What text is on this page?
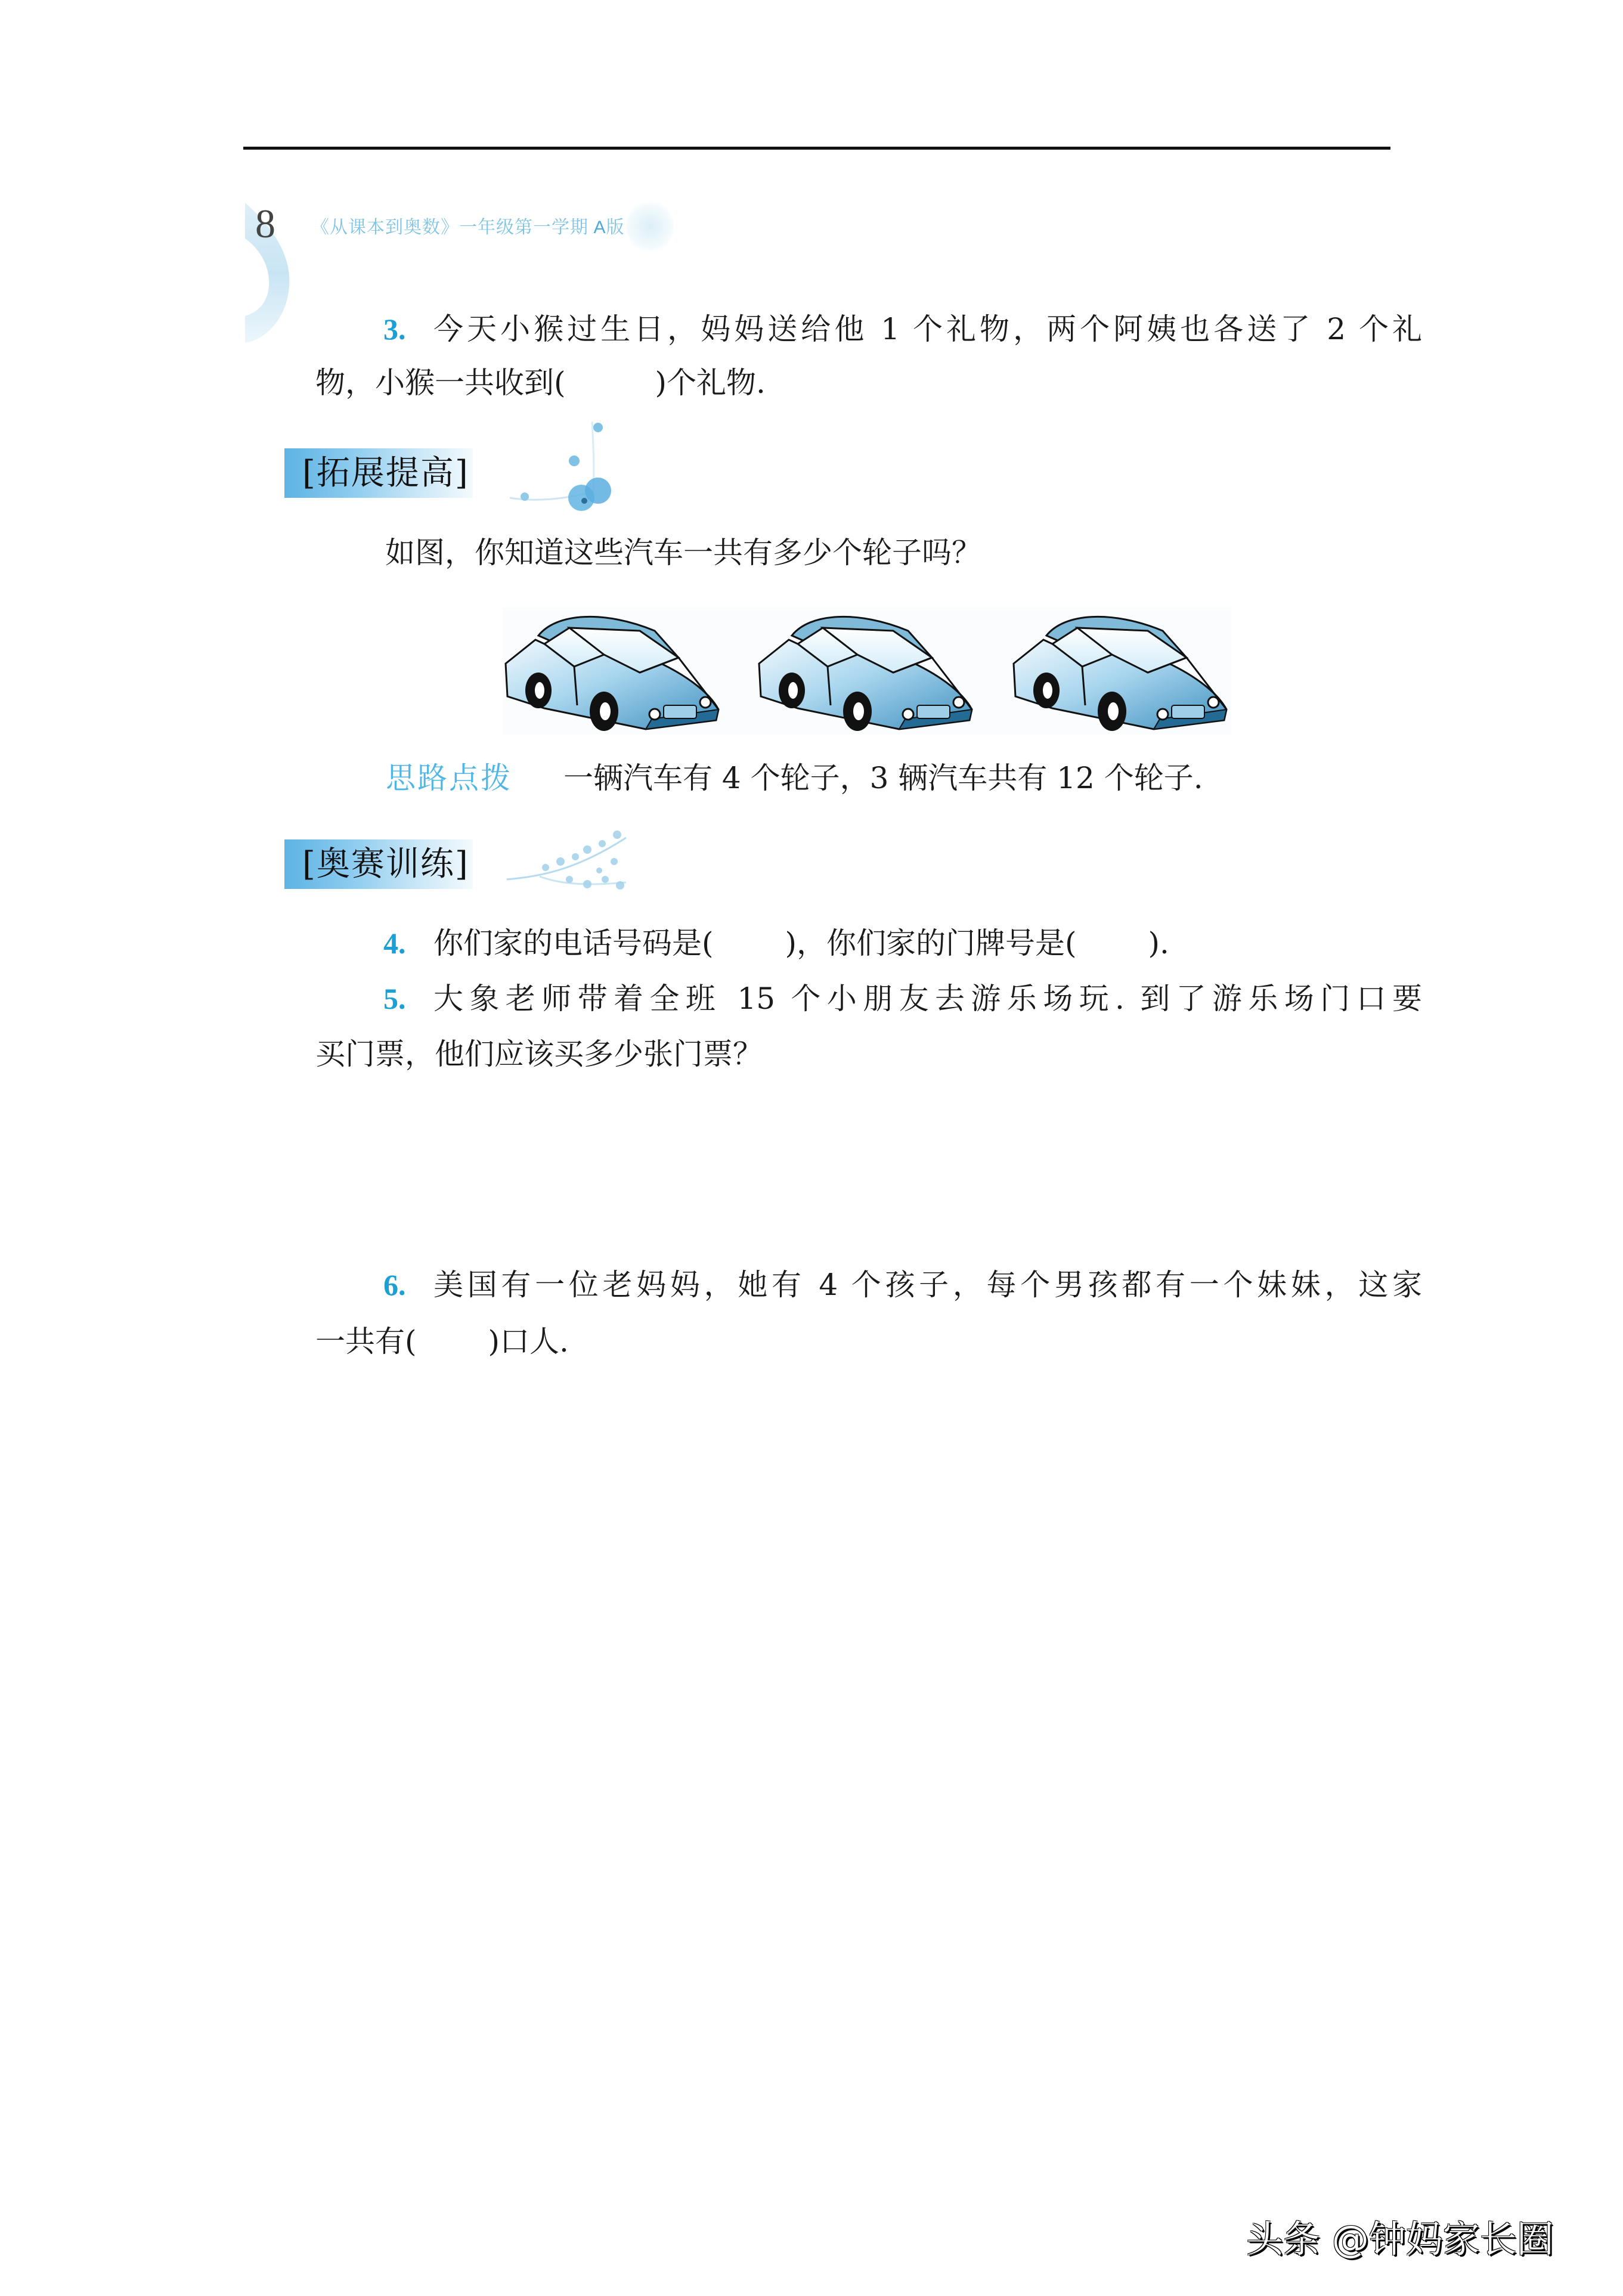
8 《从课本到奥数》一年级第一学期 A版
3. 今天小猴过生日，妈妈送给他 1 个礼物，两个阿姨也各送了 2 个礼
物，小猴一共收到(	)个礼物.
[拓展提高]
如图，你知道这些汽车一共有多少个轮子吗？
思路点拨 一辆汽车有 4 个轮子，3 辆汽车共有 12 个轮子.
[奥赛训练]
4. 你们家的电话号码是( )，你们家的门牌号是( ).
5. 大象老师带着全班 15 个小朋友去游乐场玩. 到了游乐场门口要
买门票，他们应该买多少张门票？
6. 美国有一位老妈妈，她有 4 个孩子，每个男孩都有一个妹妹，这家
一共有( )口人.
头条 @钟妈家长圈
